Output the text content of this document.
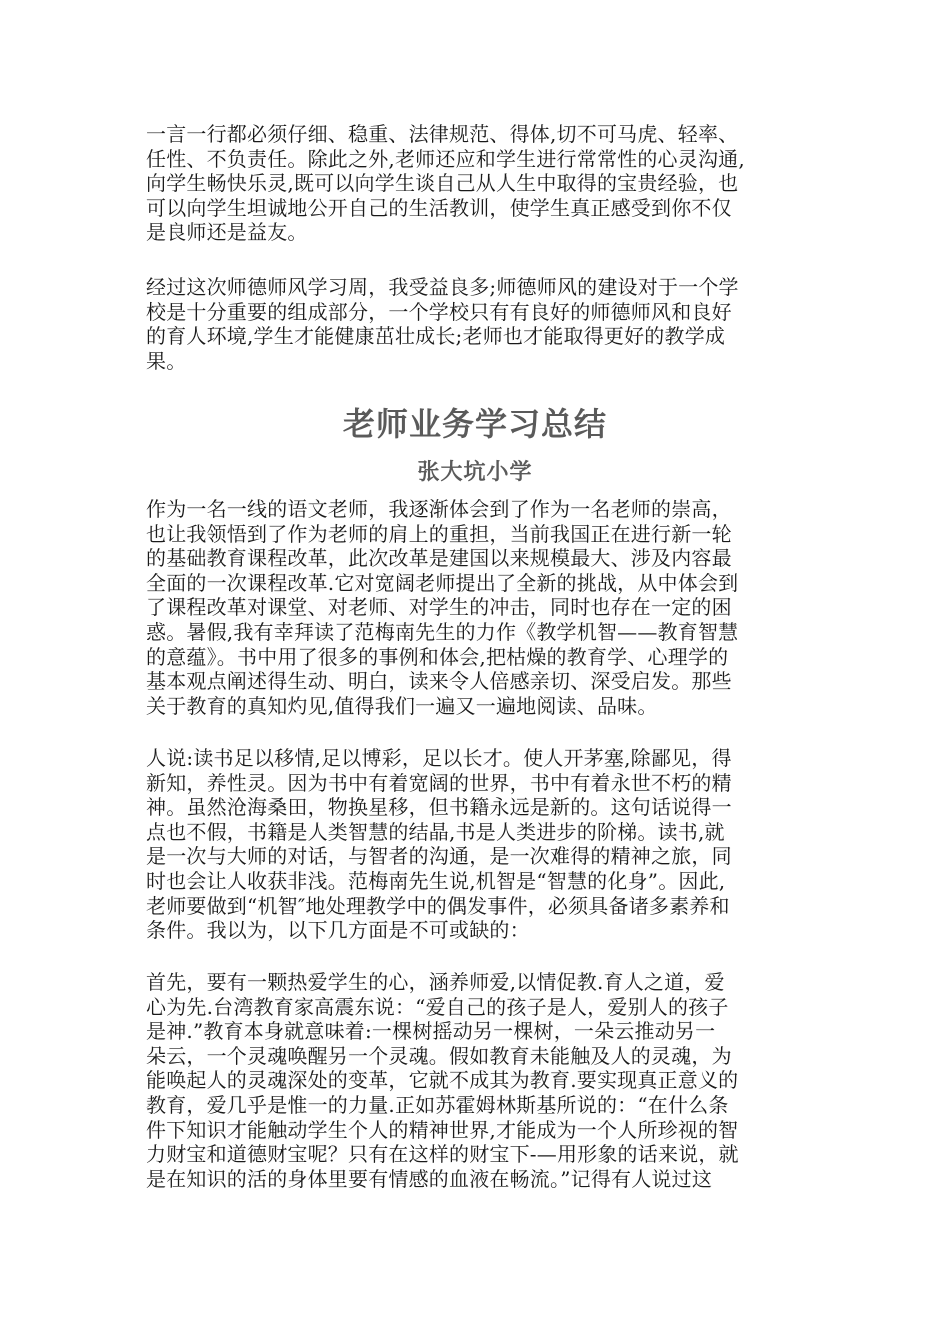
一言一行都必须仔细、稳重、法律规范、得体,切不可马虎、轻率、
任性、不负责任。除此之外,老师还应和学生进行常常性的心灵沟通,
向学生畅快乐灵,既可以向学生谈自己从人生中取得的宝贵经验，也
可以向学生坦诚地公开自己的生活教训，使学生真正感受到你不仅
是良师还是益友。
经过这次师德师风学习周，我受益良多;师德师风的建设对于一个学
校是十分重要的组成部分，一个学校只有有良好的师德师风和良好
的育人环境,学生才能健康茁壮成长;老师也才能取得更好的教学成
果。
老师业务学习总结
张大坑小学
作为一名一线的语文老师，我逐渐体会到了作为一名老师的崇高，
也让我领悟到了作为老师的肩上的重担，当前我国正在进行新一轮
的基础教育课程改革，此次改革是建国以来规模最大、涉及内容最
全面的一次课程改革.它对宽阔老师提出了全新的挑战，从中体会到
了课程改革对课堂、对老师、对学生的冲击，同时也存在一定的困
惑。暑假,我有幸拜读了范梅南先生的力作《教学机智——教育智慧
的意蕴》。书中用了很多的事例和体会,把枯燥的教育学、心理学的
基本观点阐述得生动、明白，读来令人倍感亲切、深受启发。那些
关于教育的真知灼见,值得我们一遍又一遍地阅读、品味。
人说:读书足以移情,足以博彩，足以长才。使人开茅塞,除鄙见，得
新知，养性灵。因为书中有着宽阔的世界，书中有着永世不朽的精
神。虽然沧海桑田，物换星移，但书籍永远是新的。这句话说得一
点也不假，书籍是人类智慧的结晶,书是人类进步的阶梯。读书,就
是一次与大师的对话，与智者的沟通，是一次难得的精神之旅，同
时也会让人收获非浅。范梅南先生说,机智是“智慧的化身”。因此,
老师要做到“机智″地处理教学中的偶发事件，必须具备诸多素养和
条件。我以为，以下几方面是不可或缺的：
首先，要有一颗热爱学生的心，涵养师爱,以情促教.育人之道，爱
心为先.台湾教育家高震东说：“爱自己的孩子是人，爱别人的孩子
是神.”教育本身就意味着:一棵树摇动另一棵树，一朵云推动另一
朵云，一个灵魂唤醒另一个灵魂。假如教育未能触及人的灵魂，为
能唤起人的灵魂深处的变革，它就不成其为教育.要实现真正意义的
教育，爱几乎是惟一的力量.正如苏霍姆林斯基所说的：“在什么条
件下知识才能触动学生个人的精神世界,才能成为一个人所珍视的智
力财宝和道德财宝呢？只有在这样的财宝下-—用形象的话来说，就
是在知识的活的身体里要有情感的血液在畅流。”记得有人说过这
